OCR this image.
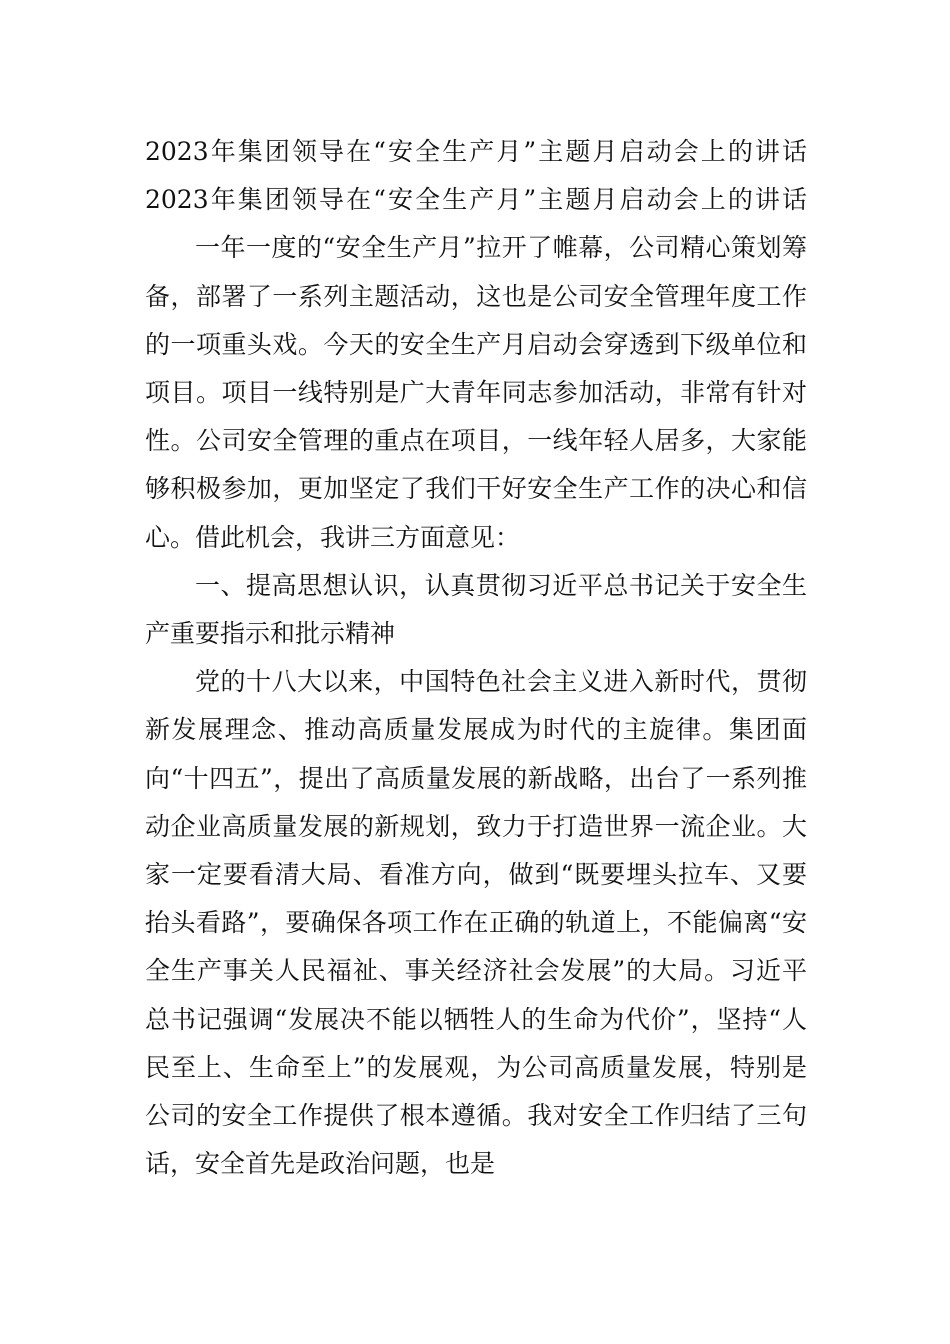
2023年集团领导在“安全生产月”主题月启动会上的讲话
2023年集团领导在“安全生产月”主题月启动会上的讲话

一年一度的“安全生产月”拉开了帷幕，公司精心策划筹备，部署了一系列主题活动，这也是公司安全管理年度工作的一项重头戏。今天的安全生产月启动会穿透到下级单位和项目。项目一线特别是广大青年同志参加活动，非常有针对性。公司安全管理的重点在项目，一线年轻人居多，大家能够积极参加，更加坚定了我们干好安全生产工作的决心和信心。借此机会，我讲三方面意见：

一、提高思想认识，认真贯彻习近平总书记关于安全生产重要指示和批示精神

党的十八大以来，中国特色社会主义进入新时代，贯彻新发展理念、推动高质量发展成为时代的主旋律。集团面向“十四五”，提出了高质量发展的新战略，出台了一系列推动企业高质量发展的新规划，致力于打造世界一流企业。大家一定要看清大局、看准方向，做到“既要埋头拉车、又要抬头看路”，要确保各项工作在正确的轨道上，不能偏离“安全生产事关人民福祉、事关经济社会发展”的大局。习近平总书记强调“发展决不能以牺牲人的生命为代价”，坚持“人民至上、生命至上”的发展观，为公司高质量发展，特别是公司的安全工作提供了根本遵循。我对安全工作归结了三句话，安全首先是政治问题，也是
